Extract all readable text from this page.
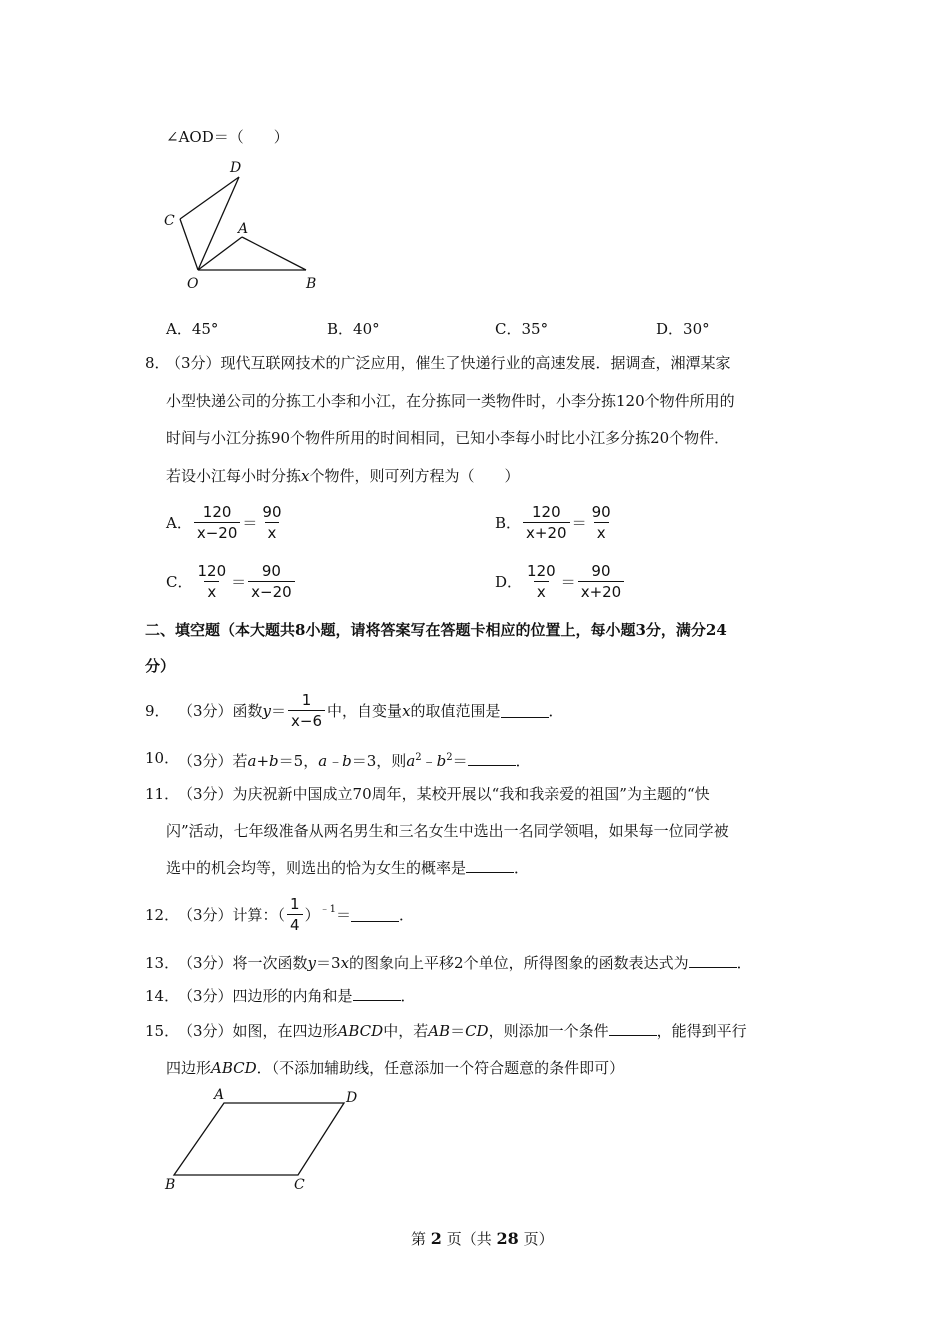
∠AOD＝（　　）
D
C	A
O	B
A．45°	B．40°	C．35°	D．30°
8．
（3分）现代互联网技术的广泛应用，催生了快递行业的高速发展．据调查，湘潭某家
小型快递公司的分拣工小李和小江，在分拣同一类物件时，小李分拣120个物件所用的
时间与小江分拣90个物件所用的时间相同，已知小李每小时比小江多分拣20个物件．
若设小江每小时分拣x个物件，则可列方程为（　　）
A． $\frac{120}{x-20} = \frac{90}{x}$	B． $\frac{120}{x+20} = \frac{90}{x}$
C． $\frac{120}{x} = \frac{90}{x-20}$	D． $\frac{120}{x} = \frac{90}{x+20}$
二、填空题（本大题共8小题，请将答案写在答题卡相应的位置上，每小题3分，满分24
分）
9． （3分）函数 $y = \frac{1}{x-6}$ 中，自变量 x 的取值范围是	．
10．
（3分）若a+b＝5，a﹣b＝3，则$a^2﹣b^2=$	．
11．
（3分）为庆祝新中国成立70周年，某校开展以“我和我亲爱的祖国”为主题的“快
闪”活动，七年级准备从两名男生和三名女生中选出一名同学领唱，如果每一位同学被
选中的机会均等，则选出的恰为女生的概率是	．
12．
（3分）计算：（ $\frac{1}{4} )^{﹣1}$ ＝	．
13．
（3分）将一次函数y＝3x的图象向上平移2个单位，所得图象的函数表达式为	．
14．
（3分）四边形的内角和是	．
15．
（3分）如图，在四边形ABCD中，若AB＝CD，则添加一个条件	，能得到平行
四边形ABCD．（不添加辅助线，任意添加一个符合题意的条件即可）
A	D
B	C
第 2 页（共 28 页）
